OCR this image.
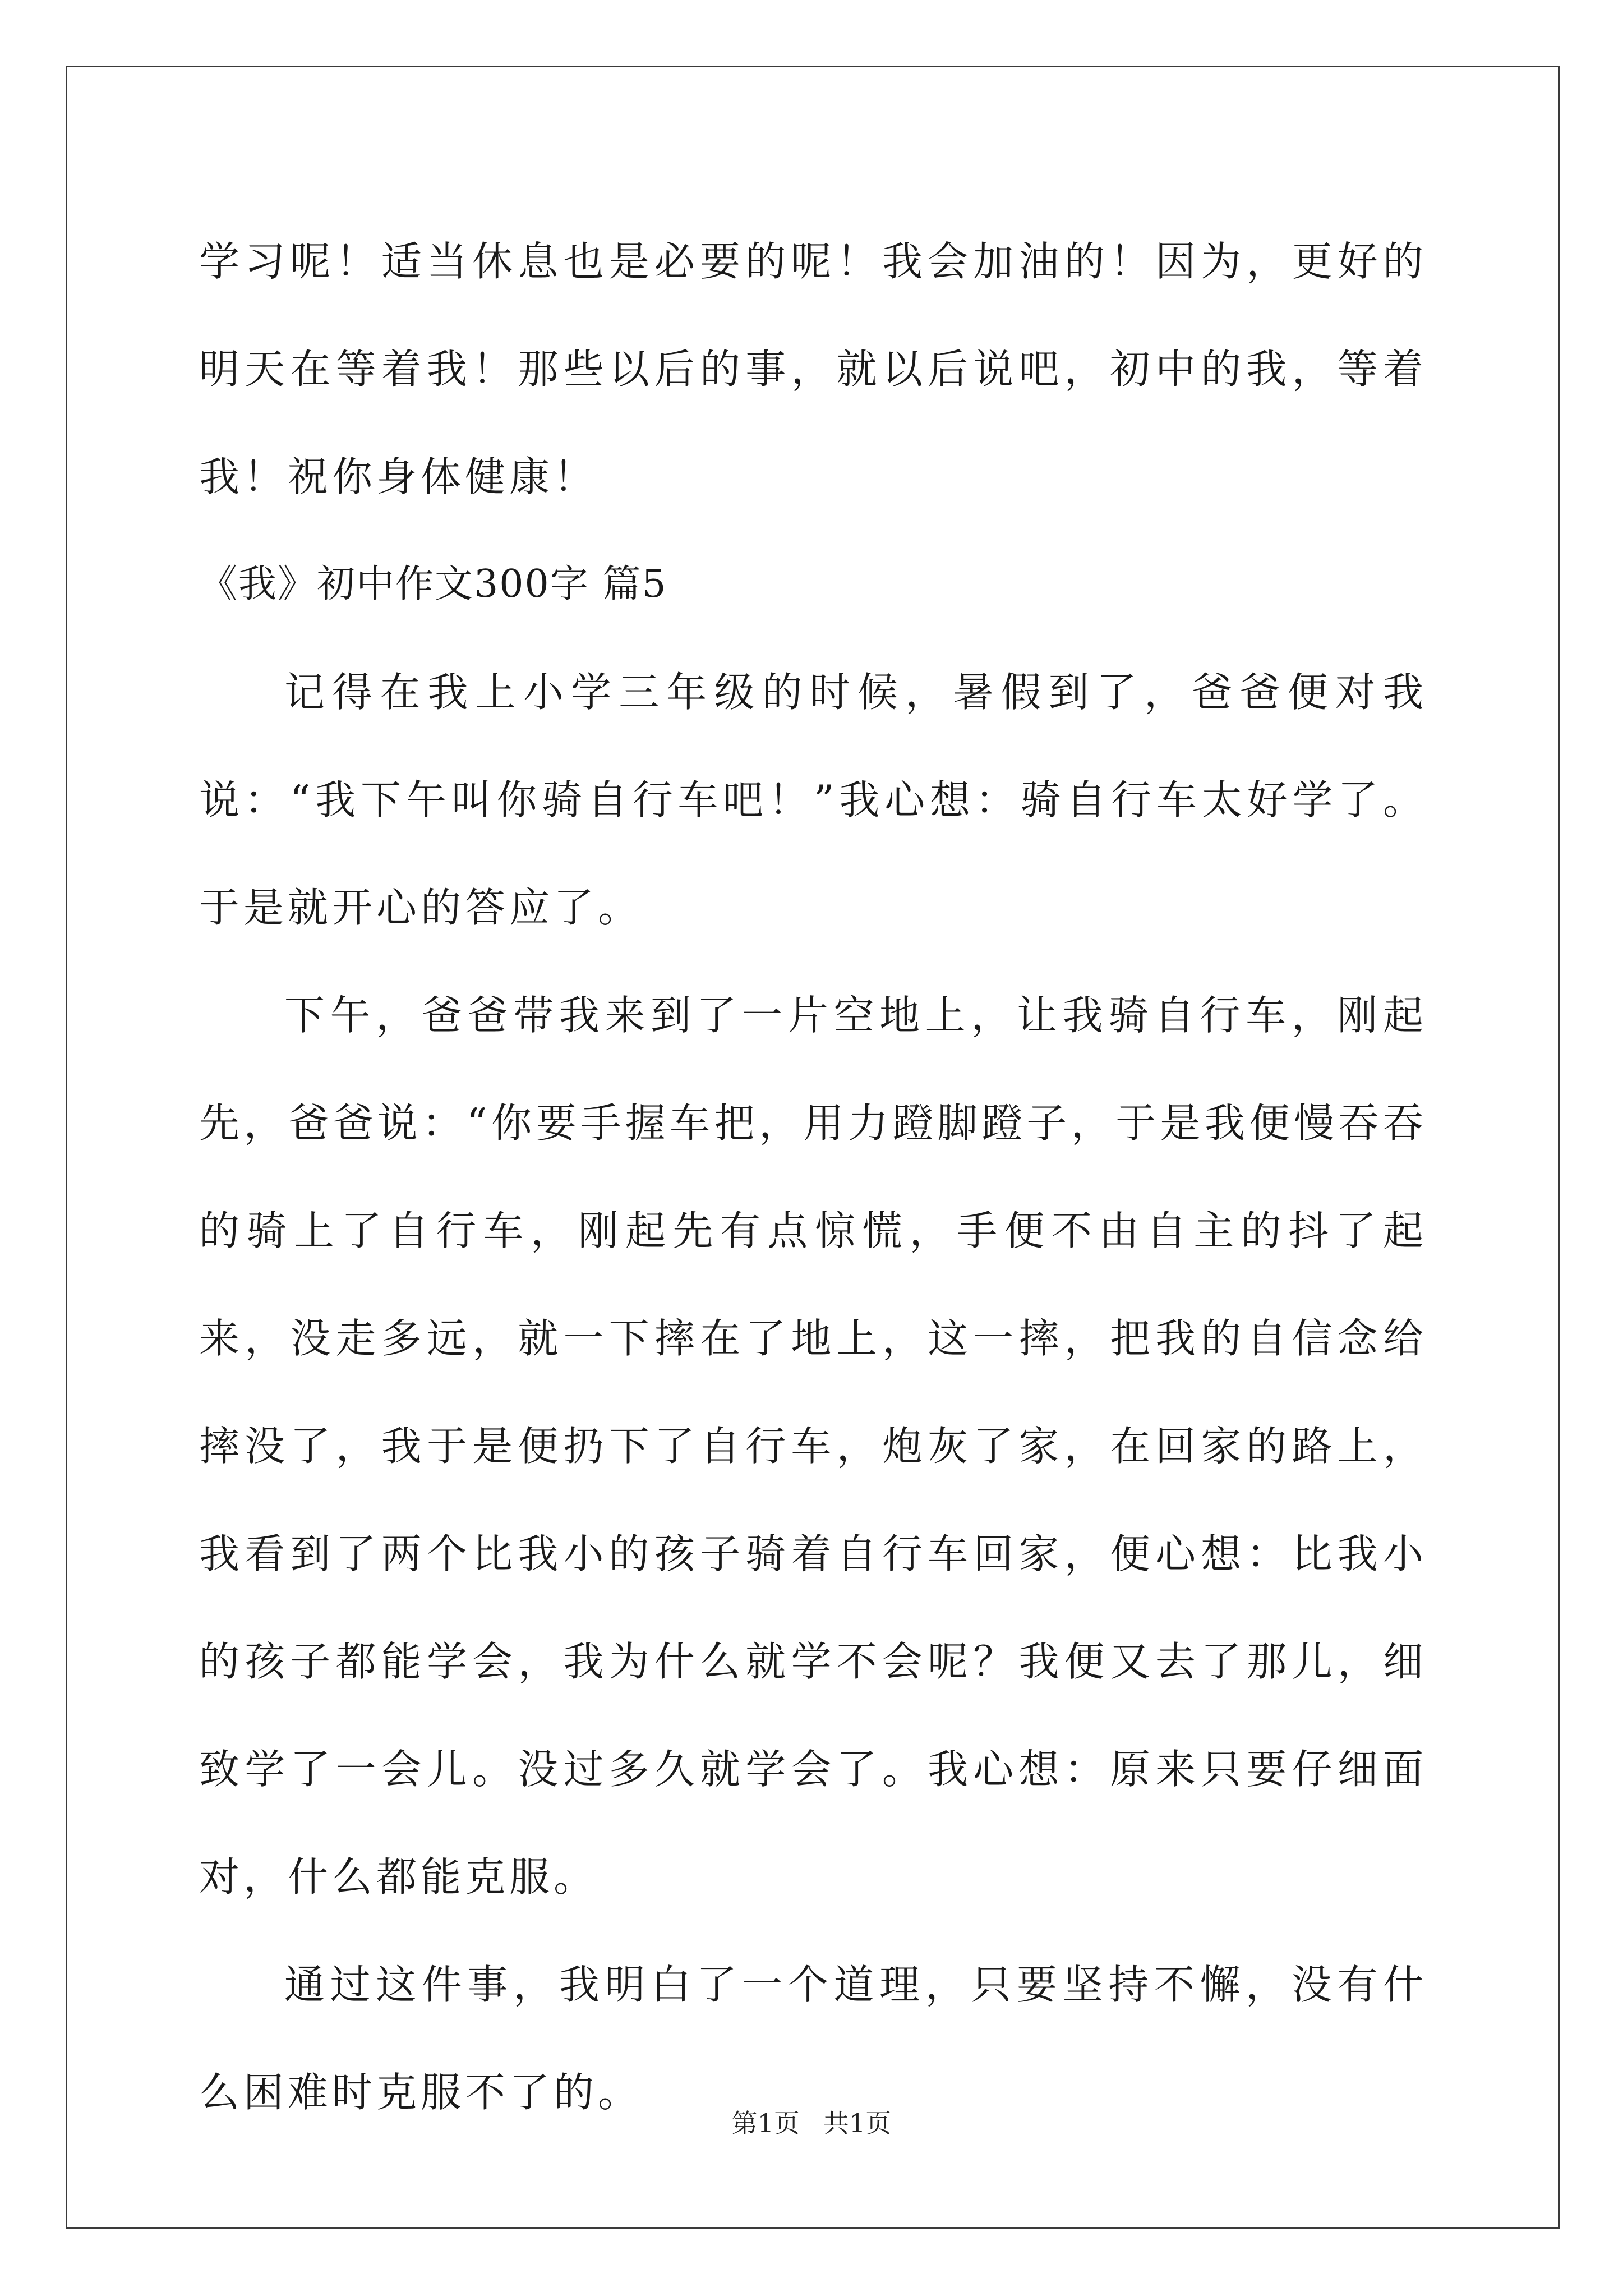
学习呢！适当休息也是必要的呢！我会加油的！因为，更好的明天在等着我！那些以后的事，就以后说吧，初中的我，等着我！祝你身体健康！

《我》初中作文300字 篇5

记得在我上小学三年级的时候，暑假到了，爸爸便对我说：“我下午叫你骑自行车吧！”我心想：骑自行车太好学了。于是就开心的答应了。

下午，爸爸带我来到了一片空地上，让我骑自行车，刚起先，爸爸说：“你要手握车把，用力蹬脚蹬子，于是我便慢吞吞的骑上了自行车，刚起先有点惊慌，手便不由自主的抖了起来，没走多远，就一下摔在了地上，这一摔，把我的自信念给摔没了，我于是便扔下了自行车，炮灰了家，在回家的路上，我看到了两个比我小的孩子骑着自行车回家，便心想：比我小的孩子都能学会，我为什么就学不会呢？我便又去了那儿，细致学了一会儿。没过多久就学会了。我心想：原来只要仔细面对，什么都能克服。

通过这件事，我明白了一个道理，只要坚持不懈，没有什么困难时克服不了的。

第1页 共1页
